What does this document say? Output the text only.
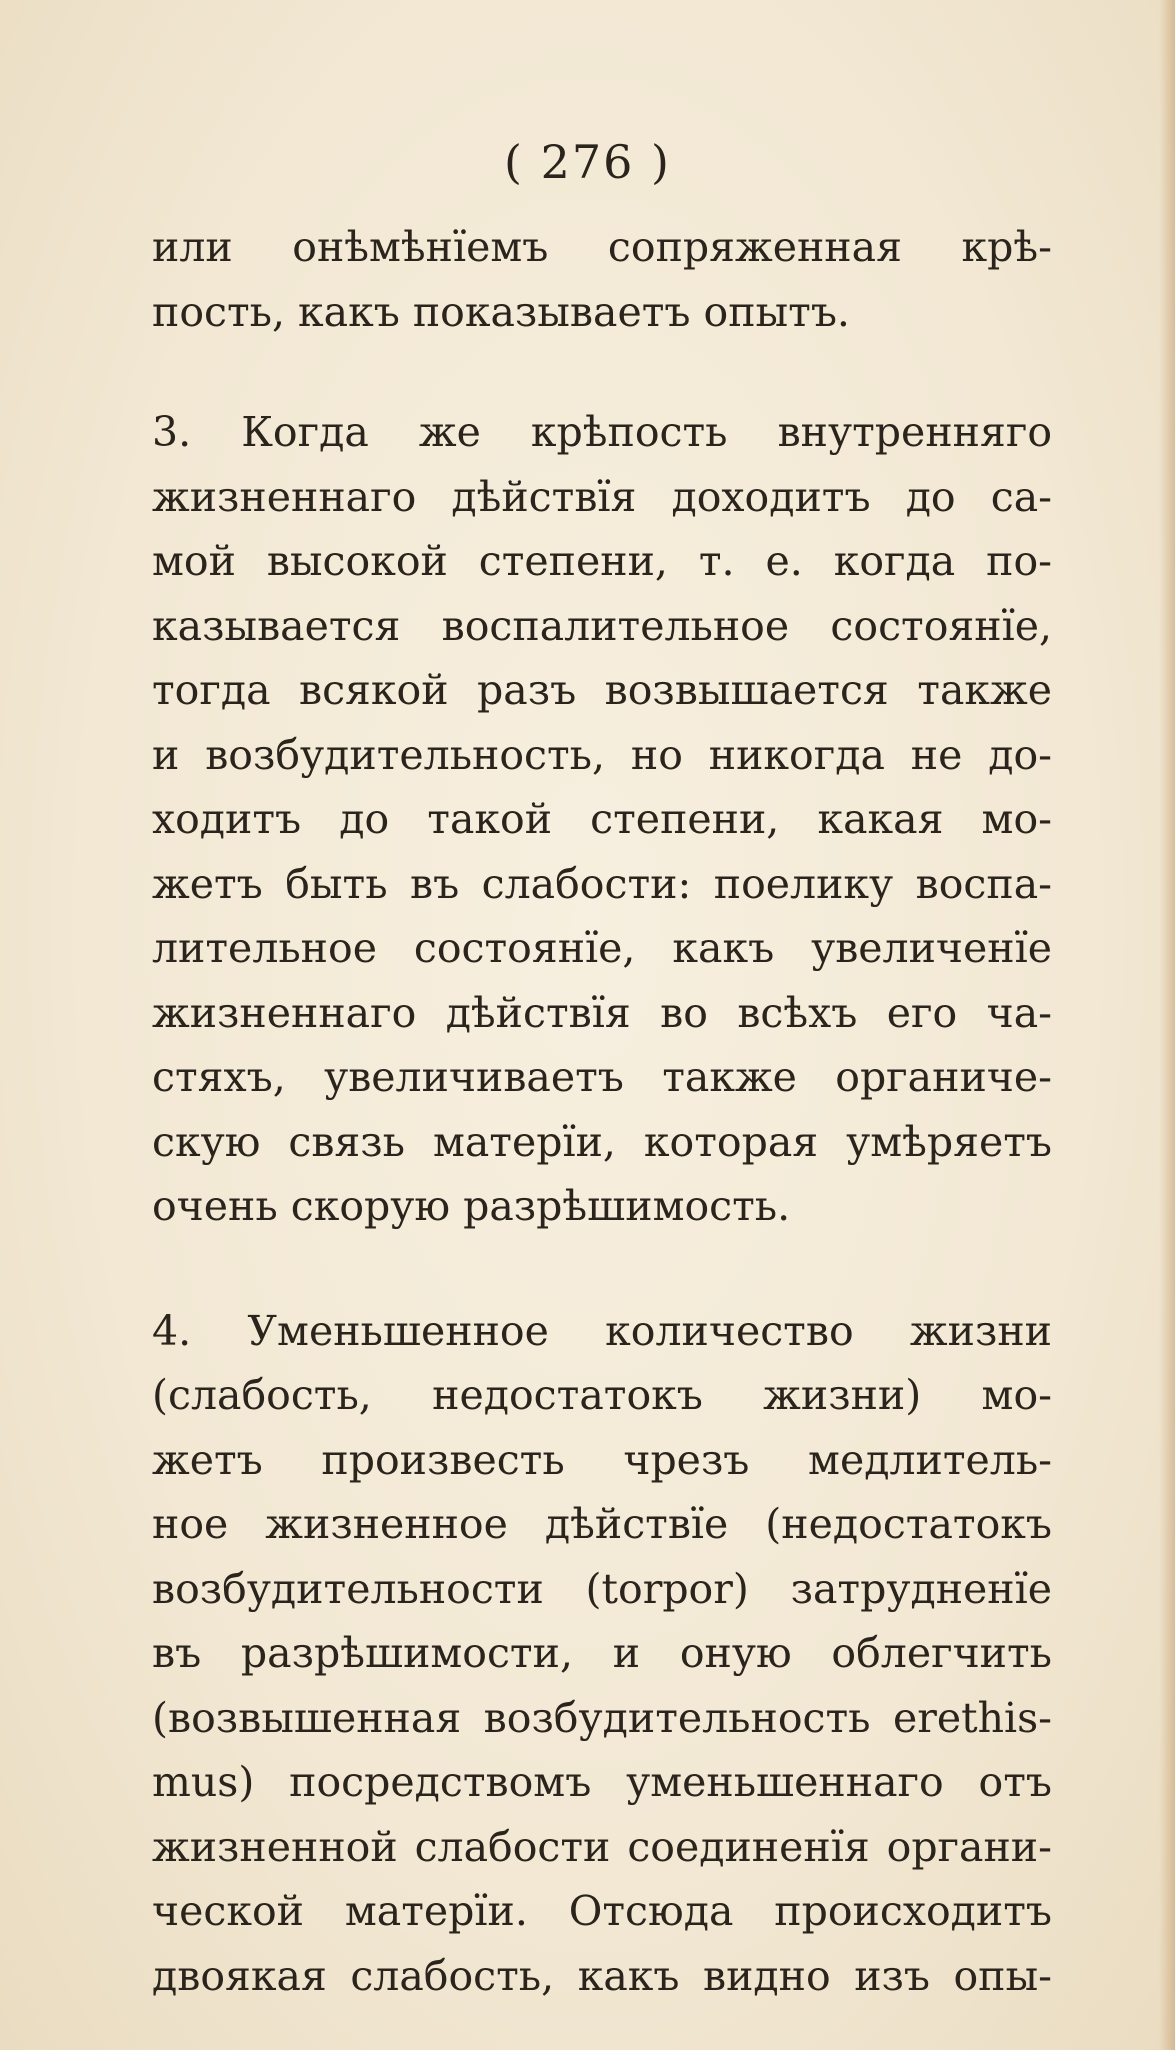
( 276 )
или онѣмѣнїемъ сопряженная крѣ-
пость, какъ показываетъ опытъ.
3. Когда же крѣпость внутренняго
жизненнаго дѣйствїя доходитъ до са-
мой высокой степени, т. е. когда по-
казывается воспалительное состоянїе,
тогда всякой разъ возвышается также
и возбудительность, но никогда не до-
ходитъ до такой степени, какая мо-
жетъ быть въ слабости: поелику воспа-
лительное состоянїе, какъ увеличенїе
жизненнаго дѣйствїя во всѣхъ его ча-
стяхъ, увеличиваетъ также органиче-
скую связь матерїи, которая умѣряетъ
очень скорую разрѣшимость.
4. Уменьшенное количество жизни
(слабость, недостатокъ жизни) мо-
жетъ произвесть чрезъ медлитель-
ное жизненное дѣйствїе (недостатокъ
возбудительности (torpor) затрудненїе
въ разрѣшимости, и оную облегчить
(возвышенная возбудительность erethis-
mus) посредствомъ уменьшеннаго отъ
жизненной слабости соединенїя органи-
ческой матерїи. Отсюда происходитъ
двоякая слабость, какъ видно изъ опы-
